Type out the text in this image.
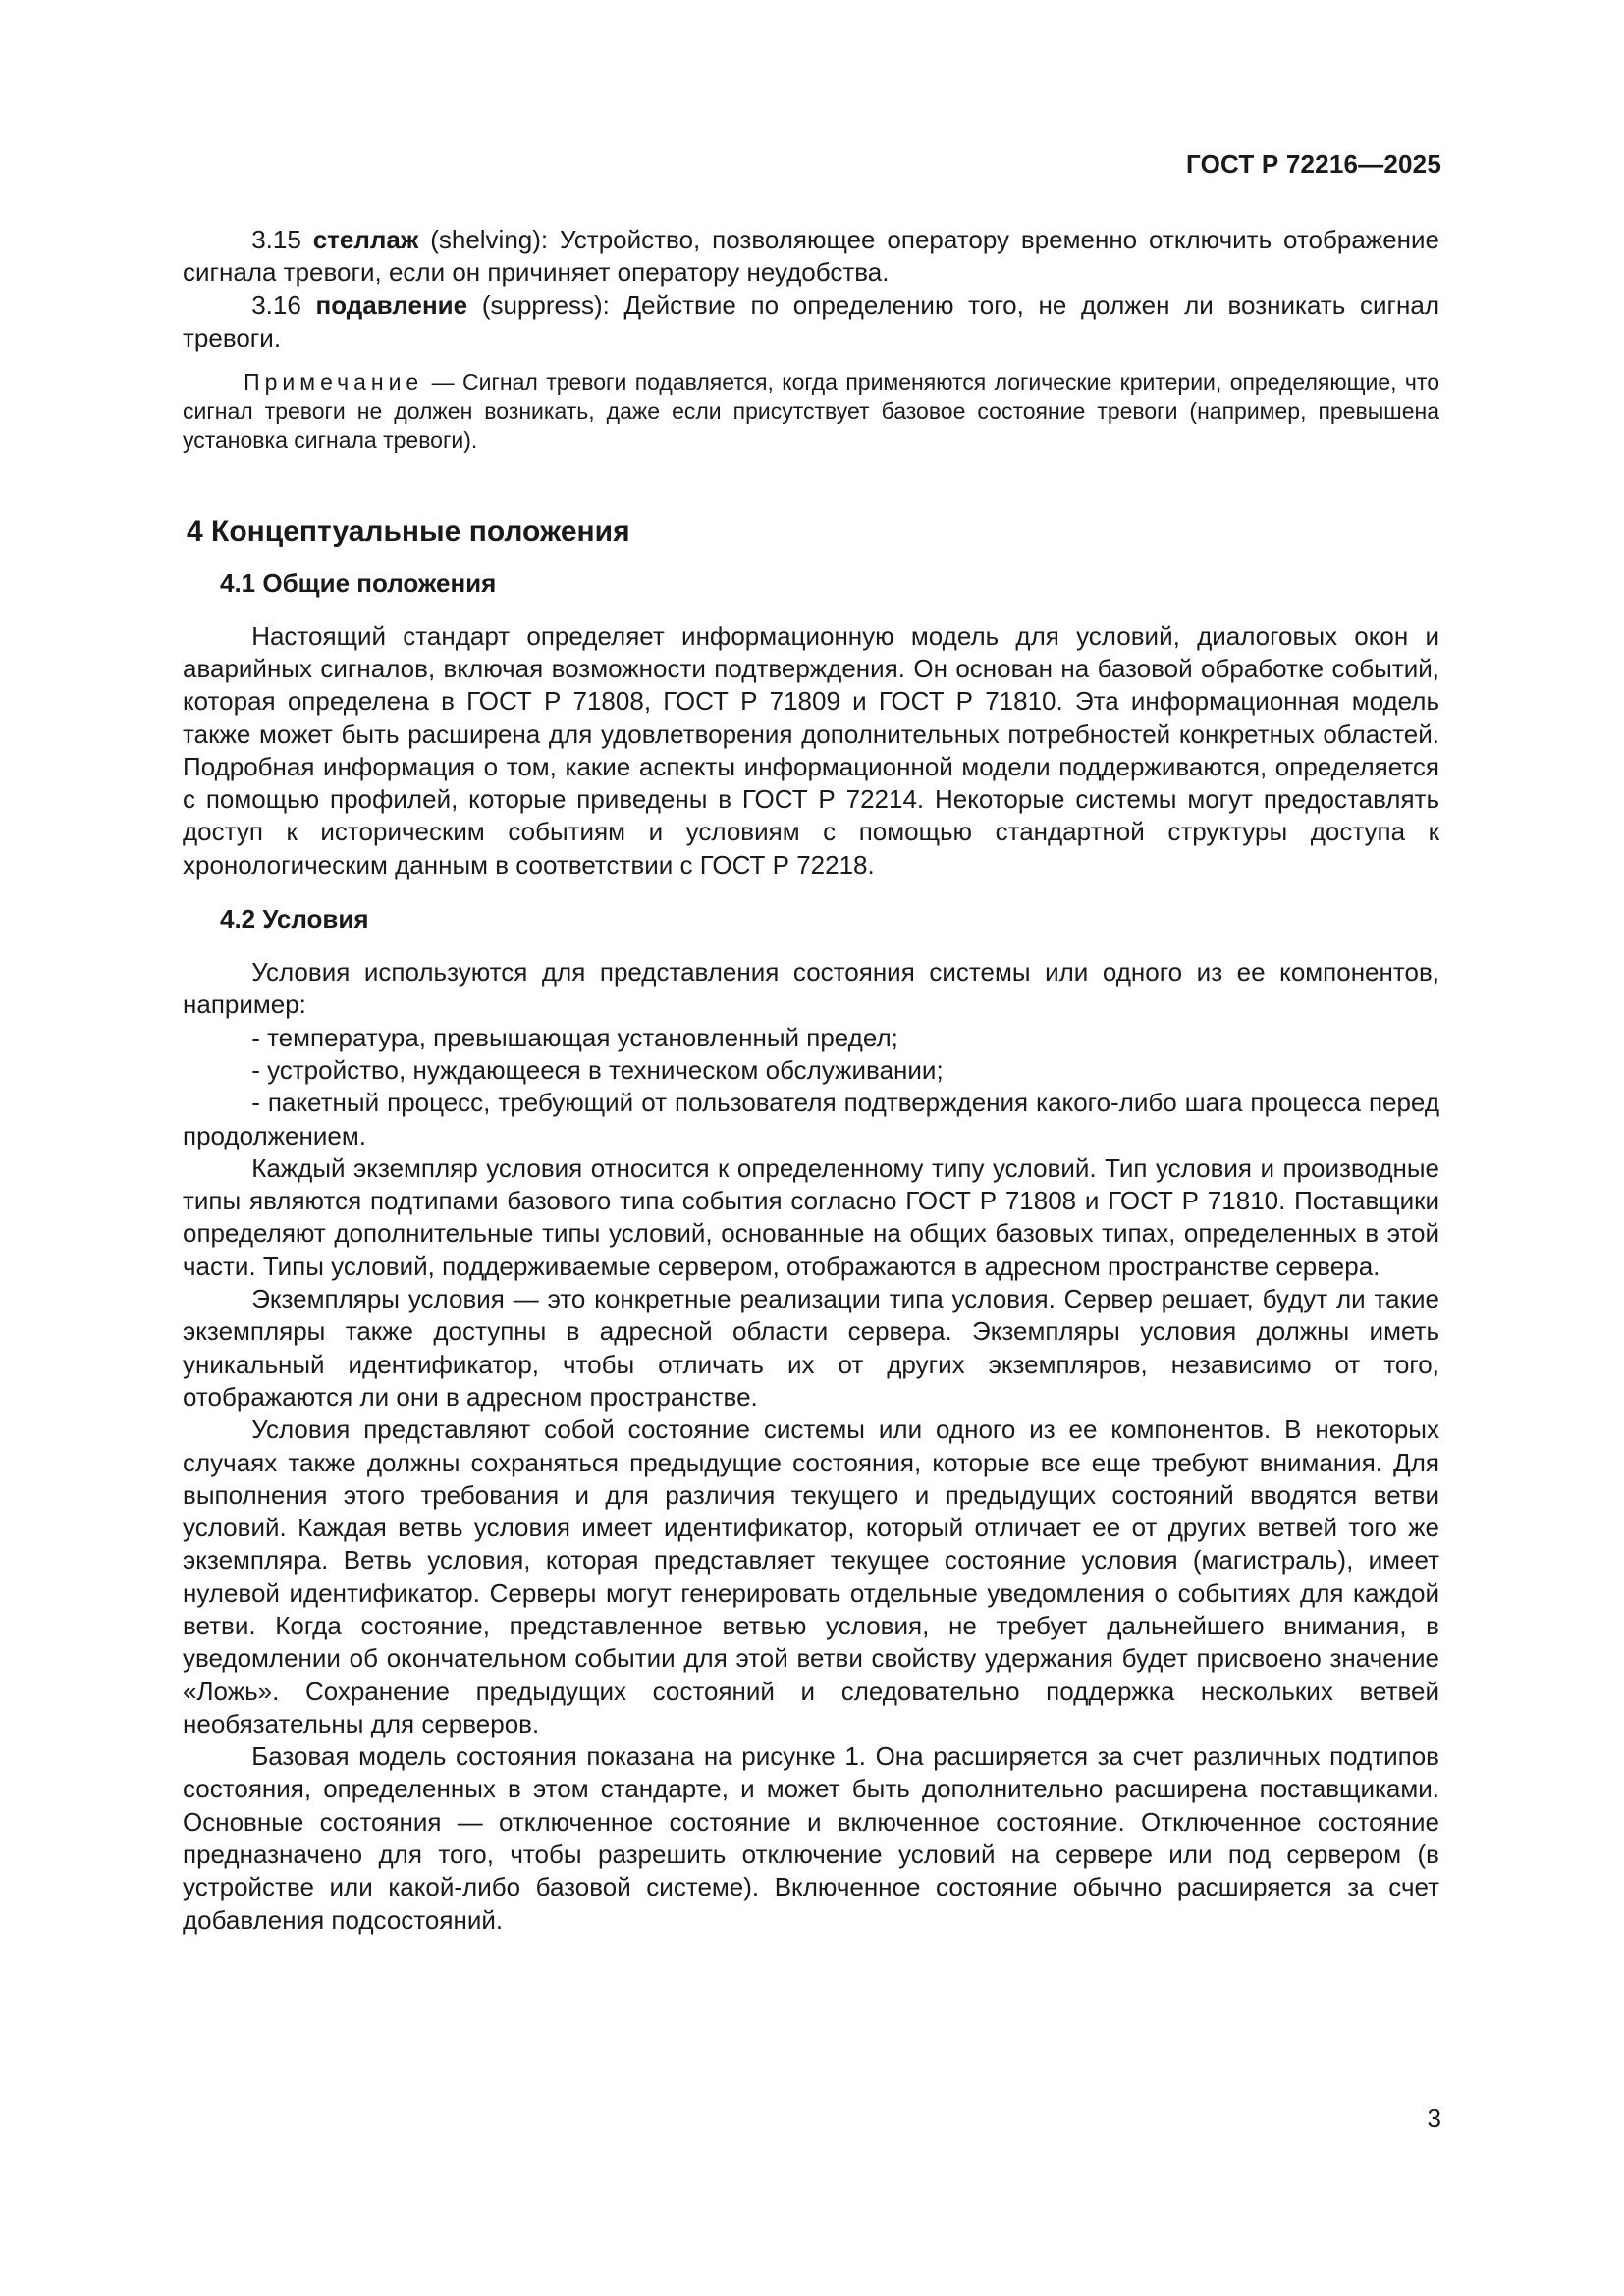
ГОСТ Р 72216—2025

3.15 стеллаж (shelving): Устройство, позволяющее оператору временно отключить отображение сигнала тревоги, если он причиняет оператору неудобства.

3.16 подавление (suppress): Действие по определению того, не должен ли возникать сигнал тревоги.

Примечание — Сигнал тревоги подавляется, когда применяются логические критерии, определяющие, что сигнал тревоги не должен возникать, даже если присутствует базовое состояние тревоги (например, превышена установка сигнала тревоги).

4 Концептуальные положения
4.1 Общие положения

Настоящий стандарт определяет информационную модель для условий, диалоговых окон и аварийных сигналов, включая возможности подтверждения. Он основан на базовой обработке событий, которая определена в ГОСТ Р 71808, ГОСТ Р 71809 и ГОСТ Р 71810. Эта информационная модель также может быть расширена для удовлетворения дополнительных потребностей конкретных областей. Подробная информация о том, какие аспекты информационной модели поддерживаются, определяется с помощью профилей, которые приведены в ГОСТ Р 72214. Некоторые системы могут предоставлять доступ к историческим событиям и условиям с помощью стандартной структуры доступа к хронологическим данным в соответствии с ГОСТ Р 72218.

4.2 Условия

Условия используются для представления состояния системы или одного из ее компонентов, например:

- температура, превышающая установленный предел;

- устройство, нуждающееся в техническом обслуживании;

- пакетный процесс, требующий от пользователя подтверждения какого-либо шага процесса перед продолжением.

Каждый экземпляр условия относится к определенному типу условий. Тип условия и производные типы являются подтипами базового типа события согласно ГОСТ Р 71808 и ГОСТ Р 71810. Поставщики определяют дополнительные типы условий, основанные на общих базовых типах, определенных в этой части. Типы условий, поддерживаемые сервером, отображаются в адресном пространстве сервера.

Экземпляры условия — это конкретные реализации типа условия. Сервер решает, будут ли такие экземпляры также доступны в адресной области сервера. Экземпляры условия должны иметь уникальный идентификатор, чтобы отличать их от других экземпляров, независимо от того, отображаются ли они в адресном пространстве.

Условия представляют собой состояние системы или одного из ее компонентов. В некоторых случаях также должны сохраняться предыдущие состояния, которые все еще требуют внимания. Для выполнения этого требования и для различия текущего и предыдущих состояний вводятся ветви условий. Каждая ветвь условия имеет идентификатор, который отличает ее от других ветвей того же экземпляра. Ветвь условия, которая представляет текущее состояние условия (магистраль), имеет нулевой идентификатор. Серверы могут генерировать отдельные уведомления о событиях для каждой ветви. Когда состояние, представленное ветвью условия, не требует дальнейшего внимания, в уведомлении об окончательном событии для этой ветви свойству удержания будет присвоено значение «Ложь». Сохранение предыдущих состояний и следовательно поддержка нескольких ветвей необязательны для серверов.

Базовая модель состояния показана на рисунке 1. Она расширяется за счет различных подтипов состояния, определенных в этом стандарте, и может быть дополнительно расширена поставщиками. Основные состояния — отключенное состояние и включенное состояние. Отключенное состояние предназначено для того, чтобы разрешить отключение условий на сервере или под сервером (в устройстве или какой-либо базовой системе). Включенное состояние обычно расширяется за счет добавления подсостояний.

3
